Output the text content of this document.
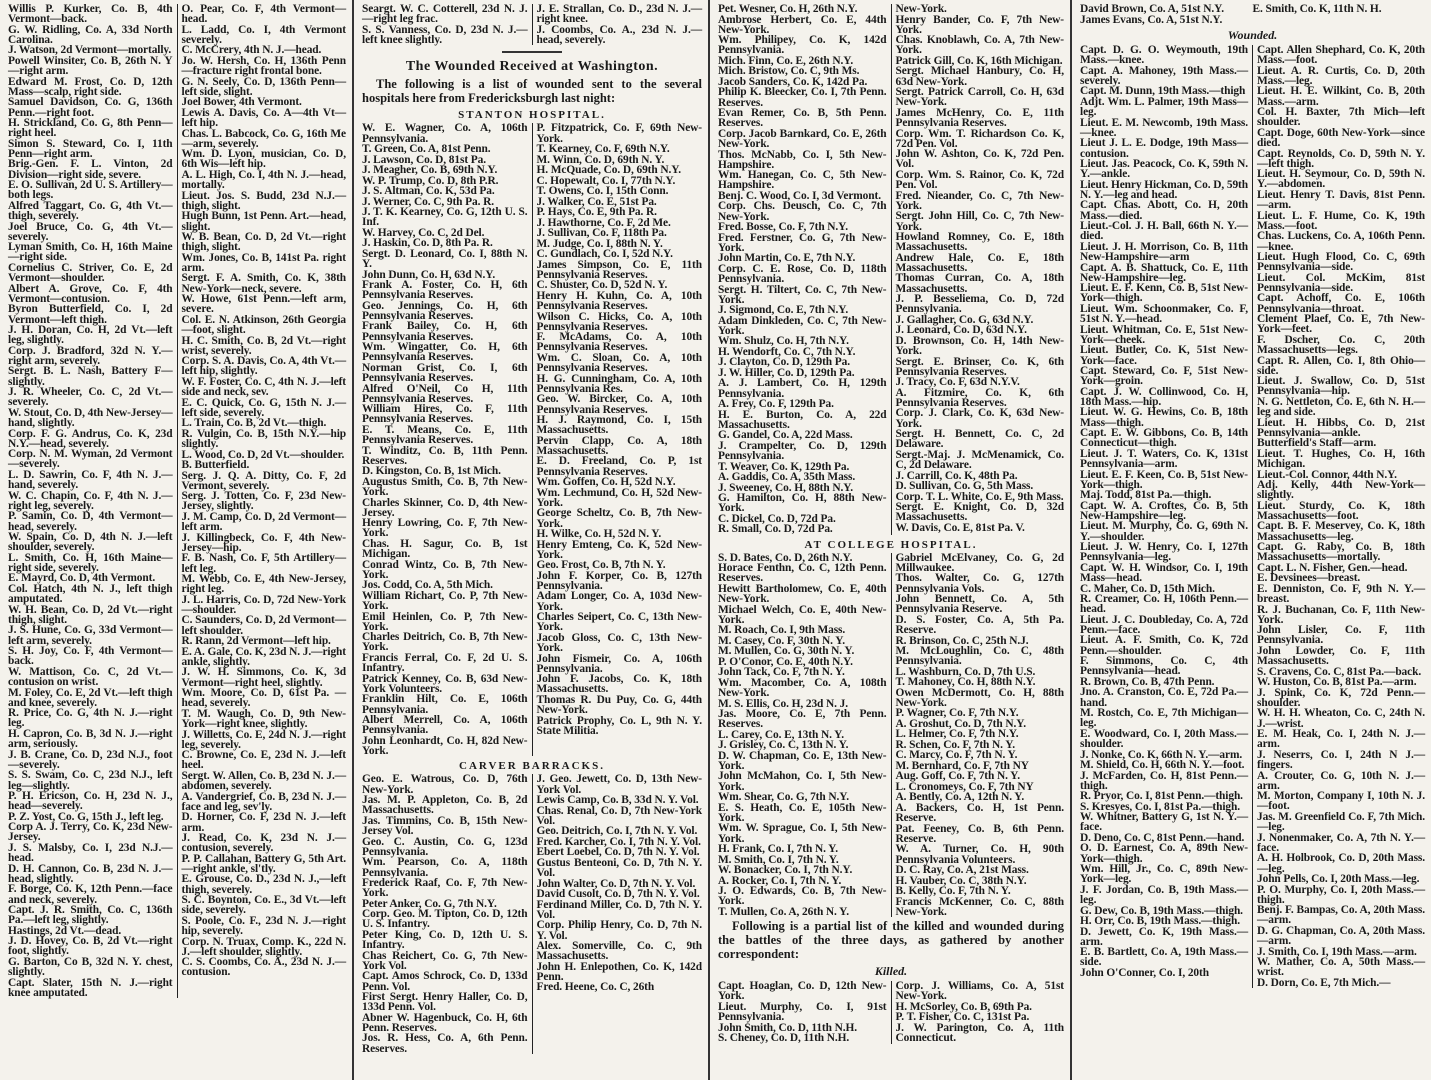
Willis P. Kurker, Co. B, 4th Vermont—back.
G. W. Ridling, Co. A, 33d North Carolina.
J. Watson, 2d Vermont—mortally.
Powell Winsiter, Co. B, 26th N. Y—right arm.
Edward M. Frost, Co. D, 12th Mass—scalp, right side.
Samuel Davidson, Co. G, 136th Penn.—right foot.
H. Strickland, Co. G, 8th Penn—right heel.
Simon S. Steward, Co. I, 11th Penn—right arm.
Brig.-Gen. F. L. Vinton, 2d Division—right side, severe.
E. O. Sullivan, 2d U. S. Artillery—both legs.
Alfred Taggart, Co. G, 4th Vt.—thigh, severely.
Joel Bruce, Co. G, 4th Vt.—severely.
Lyman Smith, Co. H, 16th Maine—right side.
Cornelius C. Striver, Co. E, 2d Vermont—shoulder.
Albert A. Grove, Co. F, 4th Vermont—contusion.
Byron Butterfield, Co. I, 2d Vermont—left thigh.
J. H. Doran, Co. H, 2d Vt.—left leg, slightly.
Corp. J. Bradford, 32d N. Y.—right arm, severely.
Sergt. B. L. Nash, Battery F—slightly.
J. R. Wheeler, Co. C, 2d Vt.—severely.
W. Stout, Co. D, 4th New-Jersey—hand, slightly.
Corp. F. G. Andrus, Co. K, 23d N.Y.—head, severely.
Corp. N. M. Wyman, 2d Vermont—severely.
L. D. Sawrin, Co. F, 4th N. J.—hand, severely.
W. C. Chapin, Co. F, 4th N. J.—right leg, severely.
P. Samin, Co. D, 4th Vermont—head, severely.
W. Spain, Co. D, 4th N. J.—left shoulder, severely.
L. Smith, Co. H, 16th Maine—right side, severely.
E. Mayrd, Co. D, 4th Vermont.
Col. Hatch, 4th N. J., left thigh amputated.
W. H. Bean, Co. D, 2d Vt.—right thigh, slight.
J. S. Hune, Co. G, 33d Vermont—left arm, severely.
S. H. Joy, Co. F, 4th Vermont—back.
W. Mattison, Co. C, 2d Vt.—contusion on wrist.
M. Foley, Co. E, 2d Vt.—left thigh and knee, severely.
R. Price, Co. G, 4th N. J.—right leg.
H. Capron, Co. B, 3d N. J.—right arm, seriously.
J. B. Crane, Co. D, 23d N.J., foot—severely.
S. S. Swam, Co. C, 23d N.J., left leg—slightly.
P. H. Ericson, Co. H, 23d N. J., head—severely.
P. Z. Yost, Co. G, 15th J., left leg.
Corp A. J. Terry, Co. K, 23d New-Jersey.
J. S. Malsby, Co. I, 23d N.J.—head.
D. H. Cannon, Co. B, 23d N. J.—head, slightly.
F. Borge, Co. K, 12th Penn.—face and neck, severely.
Capt. J. R. Smith, Co. C, 136th Pa.—left leg, slightly.
Hastings, 2d Vt.—dead.
J. D. Hovey, Co. B, 2d Vt.—right foot, slightly.
G. Barton, Co B, 32d N. Y. chest, slightly.
Capt. Slater, 15th N. J.—right knee amputated.
O. Pear, Co. F, 4th Vermont—head.
L. Ladd, Co. I, 4th Vermont severely.
C. McCrery, 4th N. J.—head.
Jo. W. Hersh, Co. H, 136th Penn—fracture right frontal bone.
G. N. Seely, Co. D, 136th Penn—left side, slight.
Joel Bower, 4th Vermont.
Lewis A. Davis, Co. A—4th Vt—left hip.
Chas. L. Babcock, Co. G, 16th Me—arm, severely.
Wm. D. Lyon, musician, Co. D, 6th Wis—left hip.
A. L. High, Co. I, 4th N. J.—head, mortally.
Lieut. Jos. S. Budd, 23d N.J.—thigh, slight.
Hugh Bunn, 1st Penn. Art.—head, slight.
W. B. Bean, Co. D, 2d Vt.—right thigh, slight.
Wm. Jones, Co. B, 141st Pa. right arm.
Sergt. F. A. Smith, Co. K, 38th New-York—neck, severe.
W. Howe, 61st Penn.—left arm, severe.
Col. E. N. Atkinson, 26th Georgia—foot, slight.
H. C. Smith, Co. B, 2d Vt.—right wrist, severely.
Corp. S. A. Davis, Co. A, 4th Vt.—left hip, slightly.
W. F. Foster, Co. C, 4th N. J.—left side and neck, sev.
E. C. Quick, Co. G, 15th N. J.—left side, severely.
L. Train, Co. B, 2d Vt.—thigh.
R. Vulgin, Co. B, 15th N.Y.—hip slightly.
L. Wood, Co. D, 2d Vt.—shoulder.
B. Butterfield.
Serg. J. Q. A. Ditty, Co. F, 2d Vermont, severely.
Serg. J. Totten, Co. F, 23d New-Jersey, slightly.
J. M. Camp, Co. D, 2d Vermont—left arm.
J. Killingbeck, Co. F, 4th New-Jersey—hip.
F. B. Nash, Co. F, 5th Artillery—left leg.
M. Webb, Co. E, 4th New-Jersey, right leg.
J. L. Harris, Co. D, 72d New-York—shoulder.
C. Saunders, Co. D, 2d Vermont—left shoulder.
R. Rann, 2d Vermont—left hip.
E. A. Gale, Co. K, 23d N. J.—right ankle, slightly.
J. W. H. Simmons, Co. K, 3d Vermont—right heel, slightly.
Wm. Moore, Co. D, 61st Pa. —head, severely.
T. M. Waugh, Co. D, 9th New-York—right knee, slightly.
J. Willetts, Co. E, 24d N. J.—right leg, severely.
C. Browne, Co. E, 23d N. J.—left heel.
Sergt. W. Allen, Co. B, 23d N. J.—abdomen, severely.
A. Vandergrief, Co. B, 23d N. J.—face and leg, sev'ly.
D. Horner, Co. F, 23d N. J.—left arm.
J. Read, Co. K, 23d N. J.—contusion, severely.
P. P. Callahan, Battery G, 5th Art.—right ankle, sl'tly.
E. Grouse, Co. D., 23d N. J.,—left thigh, severely.
S. C. Boynton, Co. E., 3d Vt.—left side, severely.
S. Poole, Co. F., 23d N. J.—right hip, severely.
Corp. N. Truax, Comp. K., 22d N. J.—left shoulder, slightly.
C. S. Coombs, Co. A., 23d N. J.—contusion.
Seargt. W. C. Cotterell, 23d N. J.—right leg frac.
S. S. Vanness, Co. D, 23d N. J.—left knee slightly.
J. E. Strallan, Co. D., 23d N. J.—right knee.
J. Coombs, Co. A., 23d N. J.—head, severely.
The Wounded Received at Washington.
The following is a list of wounded sent to the several hospitals here from Fredericksburgh last night:
STANTON HOSPITAL.
W. E. Wagner, Co. A, 106th Pennsylvania.
T. Green, Co. A, 81st Penn.
J. Lawson, Co. D, 81st Pa.
J. Meagher, Co. B, 69th N.Y.
W. P. Trump, Co. D, 8th P.R.
J. S. Altman, Co. K, 53d Pa.
J. Werner, Co. C, 9th Pa. R.
J. T. K. Kearney, Co. G, 12th U. S. Inf.
W. Harvey, Co. C, 2d Del.
J. Haskin, Co. D, 8th Pa. R.
Sergt. D. Leonard, Co. I, 88th N. Y.
John Dunn, Co. H, 63d N.Y.
Frank A. Foster, Co. H, 6th Pennsylvania Reserves.
Geo. Jennings, Co. H, 6th Pennsylvania Reserves.
Frank Bailey, Co. H, 6th Pennsylvania Reserves.
Wm. Wingatter, Co. H, 6th Pennsylvania Reserves.
Norman Grist, Co. I, 6th Pennsylvania Reserves.
Alfred O'Neil, Co H, 11th Pennsylvania Reserves.
William Hires, Co. F, 11th Pennsylvania Reserves.
E. T. Means, Co. E, 11th Pennsylvania Reserves.
T. Winditz, Co. B, 11th Penn. Reserves.
D. Kingston, Co. B, 1st Mich.
Augustus Smith, Co. B, 7th New-York.
Charles Skinner, Co. D, 4th New-Jersey.
Henry Lowring, Co. F, 7th New-York.
Chas. H. Sagur, Co. B, 1st Michigan.
Conrad Wintz, Co. B, 7th New-York.
Jos. Codd, Co. A, 5th Mich.
William Richart, Co. P, 7th New-York.
Emil Heinlen, Co. P, 7th New-York.
Charles Deitrich, Co. B, 7th New-York.
Francis Ferral, Co. F, 2d U. S. Infantry.
Patrick Kenney, Co. B, 63d New-York Volunteers.
Franklin Hilt, Co. E, 106th Pennsylvania.
Albert Merrell, Co. A, 106th Pennsylvania.
John Leonhardt, Co. H, 82d New-York.
P. Fitzpatrick, Co. F, 69th New-York.
T. Kearney, Co. F, 69th N.Y.
M. Winn, Co. D, 69th N. Y.
H. McQuade, Co. D, 69th N.Y.
C. Hopewalt, Co. I, 77th N.Y.
T. Owens, Co. I, 15th Conn.
J. Walker, Co. E, 51st Pa.
P. Hays, Co. E, 9th Pa. R.
J. Hawthorne, Co. F, 2d Me.
J. Sullivan, Co. F, 118th Pa.
M. Judge, Co. I, 88th N. Y.
C. Gundlach, Co. I, 52d N.Y.
James Simpson, Co. E, 11th Pennsylvania Reserves.
C. Shuster, Co. D, 52d N. Y.
Henry H. Kuhn, Co. A, 10th Pennsylvania Reserves.
Wilson C. Hicks, Co. A, 10th Pennsylvania Reserves.
F. McAdams, Co. A, 10th Pennsylvania Reserves.
Wm. C. Sloan, Co. A, 10th Pennsylvania Reserves.
H. G. Cunningham, Co. A, 10th Pennsylvania Res.
Geo. W. Bircker, Co. A, 10th Pennsylvania Reserves.
H. J. Raymond, Co. I, 15th Massachusetts.
Pervin Clapp, Co. A, 18th Massachusetts.
E. D. Freeland, Co. P, 1st Pennsylvania Reserves.
Wm. Goffen, Co. H, 52d N.Y.
Wm. Lechmund, Co. H, 52d New-York.
George Scheltz, Co. B, 7th New-York.
H. Wilke, Co. H, 52d N. Y.
Henry Emteng, Co. K, 52d New-York.
Geo. Frost, Co. B, 7th N. Y.
John F. Korper, Co. B, 127th Pennsylvania.
Adam Longer, Co. A, 103d New-York.
Charles Seipert, Co. C, 13th New-York.
Jacob Gloss, Co. C, 13th New-York.
John Fismeir, Co. A, 106th Pennsylvania.
John F. Jacobs, Co. K, 18th Massachusetts.
Thomas R. Du Puy, Co. G, 44th New-York.
Patrick Prophy, Co. L, 9th N. Y. State Militia.
CARVER BARRACKS.
Geo. E. Watrous, Co. D, 76th New-York.
Jas. M. P. Appleton, Co. B, 2d Massachusetts.
Jas. Timmins, Co. B, 15th New-Jersey Vol.
Geo. C. Austin, Co. G, 123d Pennsylvania.
Wm. Pearson, Co. A, 118th Pennsylvania.
Frederick Raaf, Co. F, 7th New-York.
Peter Anker, Co. G, 7th N.Y.
Corp. Geo. M. Tipton, Co. D, 12th U. S. Infantry.
Peter King, Co. D, 12th U. S. Infantry.
Chas Reichert, Co. G, 7th New-York Vol.
Capt. Amos Schrock, Co. D, 133d Penn. Vol.
First Sergt. Henry Haller, Co. D, 133d Penn. Vol.
Abner W. Hagenbuck, Co. H, 6th Penn. Reserves.
Jos. R. Hess, Co. A, 6th Penn. Reserves.
J. Geo. Jewett, Co. D, 13th New-York Vol.
Lewis Camp, Co. B, 33d N. Y. Vol.
Chas. Renal, Co. D, 7th New-York Vol.
Geo. Deitrich, Co. I, 7th N. Y. Vol.
Fred. Karcher, Co. I, 7th N. Y. Vol.
Ebert Loebel, Co. D, 7th N. Y. Vol.
Gustus Benteoni, Co. D, 7th N. Y. Vol.
John Walter, Co. D, 7th N. Y. Vol.
David Cusolt, Co. D, 7th N. Y. Vol.
Ferdinand Miller, Co. D, 7th N. Y. Vol.
Corp. Philip Henry, Co. D, 7th N. Y. Vol.
Alex. Somerville, Co. C, 9th Massachusetts.
John H. Enlepothen, Co. K, 142d Penn.
Fred. Heene, Co. C, 26th
Pet. Wesner, Co. H, 26th N.Y.
Ambrose Herbert, Co. E, 44th New-York.
Wm. Philipey, Co. K, 142d Pennsylvania.
Mich. Finn, Co. E, 26th N.Y.
Mich. Bristow, Co. C, 9th Ms.
Jacob Sanders, Co. K, 142d Pa.
Philip K. Bleecker, Co. I, 7th Penn. Reserves.
Evan Remer, Co. B, 5th Penn. Reserves.
Corp. Jacob Barnkard, Co. E, 26th New-York.
Thos. McNabb, Co. I, 5th New-Hampshire.
Wm. Hanegan, Co. C, 5th New-Hampshire.
Benj. C. Wood, Co. I, 3d Vermont.
Corp. Chs. Deusch, Co. C, 7th New-York.
Fred. Bosse, Co. F, 7th N.Y.
Fred. Ferstner, Co. G, 7th New-York.
John Martin, Co. E, 7th N.Y.
Corp. C. E. Rose, Co. D, 118th Pennsylvania.
Sergt. H. Tiltert, Co. C, 7th New-York.
J. Sigmond, Co. E, 7th N.Y.
Adam Dinkleden, Co. C, 7th New-York.
Wm. Shulz, Co. H, 7th N.Y.
H. Wendorft, Co. C, 7th N.Y.
J. Clayton, Co. D, 129th Pa.
J. W. Hiller, Co. D, 129th Pa.
A. J. Lambert, Co. H, 129th Pennsylvania.
A. Frey, Co. F, 129th Pa.
H. E. Burton, Co. A, 22d Massachusetts.
G. Gandel, Co. A, 22d Mass.
J. Crampelter, Co. D, 129th Pennsylvania.
T. Weaver, Co. K, 129th Pa.
A. Gaddis, Co. A, 35th Mass.
J. Sweeney, Co. H, 88th N.Y.
G. Hamilton, Co. H, 88th New-York.
C. Dickel, Co. D, 72d Pa.
R. Small, Co. D, 72d Pa.
New-York.
Henry Bander, Co. F, 7th New-York.
Chas. Knoblawh, Co. A, 7th New-York.
Patrick Gill, Co. K, 16th Michigan.
Sergt. Michael Hanbury, Co. H, 63d New-York.
Sergt. Patrick Carroll, Co. H, 63d New-York.
James McHenry, Co. E, 11th Pennsylvania Reserves.
Corp. Wm. T. Richardson Co. K, 72d Pen. Vol.
John W. Ashton, Co. K, 72d Pen. Vol.
Corp. Wm. S. Rainor, Co. K, 72d Pen. Vol.
Fred. Nieander, Co. C, 7th New-York.
Sergt. John Hill, Co. C, 7th New-York.
Howland Romney, Co. E, 18th Massachusetts.
Andrew Hale, Co. E, 18th Massachusetts.
Thomas Curran, Co. A, 18th Massachusetts.
J. P. Besseliema, Co. D, 72d Pennsylvania.
J. Gallagher, Co. G, 63d N.Y.
J. Leonard, Co. D, 63d N.Y.
D. Brownson, Co. H, 14th New-York.
Sergt. E. Brinser, Co. K, 6th Pennsylvania Reserves.
J. Tracy, Co. F, 63d N.Y.V.
A. Fitzmire, Co. K, 6th Pennsylvania Reserves.
Corp. J. Clark, Co. K, 63d New-York.
Sergt. H. Bennett, Co. C, 2d Delaware.
Sergt.-Maj. J. McMenamick, Co. C, 2d Delaware.
J. Carrill, Co. K, 48th Pa.
D. Sullivan, Co. G, 5th Mass.
Corp. T. L. White, Co. E, 9th Mass.
Sergt. E. Knight, Co. D, 32d Massachusetts.
W. Davis, Co. E, 81st Pa. V.
AT COLLEGE HOSPITAL.
S. D. Bates, Co. D, 26th N.Y.
Horace Fenthn, Co. C, 12th Penn. Reserves.
Hewitt Bartholomew, Co. E, 40th New-York.
Michael Welch, Co. E, 40th New-York.
M. Roach, Co. I, 9th Mass.
M. Casey, Co. F, 30th N. Y.
M. Mullen, Co. G, 30th N. Y.
P. O'Conor, Co. E, 40th N.Y.
John Tack, Co. F, 7th N. Y.
Wm. Macomber, Co. A, 108th New-York.
M. S. Ellis, Co. H, 23d N. J.
Jas. Moore, Co. E, 7th Penn. Reserves.
L. Carey, Co. E, 13th N. Y.
J. Grisley, Co. C, 13th N. Y.
D. W. Chapman, Co. E, 13th New-York.
John McMahon, Co. I, 5th New-York.
Wm. Shear, Co. G, 7th N.Y.
E. S. Heath, Co. E, 105th New-York.
Wm. W. Sprague, Co. I, 5th New-York.
H. Frank, Co. I, 7th N. Y.
M. Smith, Co. I, 7th N. Y.
W. Bonacker, Co. I, 7th N.Y.
A. Rocker, Co. I, 7th N. Y.
J. O. Edwards, Co. B, 7th New-York.
T. Mullen, Co. A, 26th N. Y.
Gabriel McElvaney, Co. G, 2d Millwaukee.
Thos. Walter, Co. G, 127th Pennsylvania Vols.
John Bennett, Co. A, 5th Pennsylvania Reserve.
D. S. Foster, Co. A, 5th Pa. Reserve.
R. Brinson, Co. C, 25th N.J.
M. McLoughlin, Co. C, 48th Pennsylvania.
L. Washburn, Co. D, 7th U.S.
T. Mahoney, Co. H, 88th N.Y.
Owen McDermott, Co. H, 88th New-York.
P. Wagner, Co. F, 7th N.Y.
A. Groshut, Co. D, 7th N.Y.
L. Helmer, Co. F, 7th N.Y.
R. Schen, Co. F, 7th N. Y.
C. Marcy, Co. F, 7th N. Y.
M. Bernhard, Co. F, 7th NY
Aug. Goff, Co. F, 7th N. Y.
L. Cronomeys, Co. F, 7th NY
A. Bently, Co. A, 12th N. Y.
A. Backers, Co. H, 1st Penn. Reserve.
Pat. Feeney, Co. B, 6th Penn. Reserve.
W. A. Turner, Co. H, 90th Pennsylvania Volunteers.
D. C. Ray, Co. A, 21st Mass.
H. Vauber, Co. C, 38th N.Y.
B. Kelly, Co. F, 7th N. Y.
Francis McKenner, Co. C, 88th New-York.
Following is a partial list of the killed and wounded during the battles of the three days, as gathered by another correspondent:
Killed.
Capt. Hoaglan, Co. D, 12th New-York.
Lieut. Murphy, Co. I, 91st Pennsylvania.
John Smith, Co. D, 11th N.H.
S. Cheney, Co. D, 11th N.H.
Corp. J. Williams, Co. A, 51st New-York.
H. McSorley, Co. B, 69th Pa.
P. T. Fisher, Co. C, 131st Pa.
J. W. Parington, Co. A, 11th Connecticut.
David Brown, Co. A, 51st N.Y.
James Evans, Co. A, 51st N.Y.
E. Smith, Co. K, 11th N. H.
Wounded.
Capt. D. G. O. Weymouth, 19th Mass.—knee.
Capt. A. Mahoney, 19th Mass.—severely.
Capt. M. Dunn, 19th Mass.—thigh
Adjt. Wm. L. Palmer, 19th Mass—leg.
Lieut. E. M. Newcomb, 19th Mass.—knee.
Lieut J. L. E. Dodge, 19th Mass—contusion.
Lieut. Jas. Peacock, Co. K, 59th N. Y.—ankle.
Lieut. Henry Hickman, Co. D, 59th N. Y.—leg and head.
Capt. Chas. Abott, Co. H, 20th Mass.—died.
Lieut.-Col. J. H. Ball, 66th N. Y.—died.
Lieut. J. H. Morrison, Co. B, 11th New-Hampshire—arm
Capt. A. B. Shattuck, Co. E, 11th New-Hampshire—leg.
Lieut. E. F. Kenn, Co. B, 51st New-York—thigh.
Lieut. Wm. Schoonmaker, Co. F, 51st N. Y.—head.
Lieut. Whitman, Co. E, 51st New-York—cheek.
Lieut. Butler, Co. K, 51st New-York—face.
Capt. Steward, Co. F, 51st New-York—groin.
Capt. J. W. Collinwood, Co. H, 18th Mass.—hip.
Lieut. W. G. Hewins, Co. B, 18th Mass—thigh.
Capt. E. W. Gibbons, Co. B, 14th Connecticut—thigh.
Lieut. J. T. Waters, Co. K, 131st Pennsylvania—arm.
Lieut. E. F. Keen, Co. B, 51st New-York—thigh.
Maj. Todd, 81st Pa.—thigh.
Capt. W. A. Croftes, Co. B, 5th New-Hampshire—leg.
Lieut. M. Murphy, Co. G, 69th N. Y.—shoulder.
Lieut. J. W. Henry, Co. I, 127th Pennsylvania—leg.
Capt. W. H. Windsor, Co. I, 19th Mass—head.
C. Maher, Co. D, 15th Mich.
R. Creamer, Co. H, 106th Penn.—head.
Lieut. J. C. Doubleday, Co. A, 72d Penn.—face.
Lieut. A. F. Smith, Co. K, 72d Penn.—shoulder.
F. Simmons, Co. C, 4th Pennsylvania—head.
R. Brown, Co. B, 47th Penn.
Jno. A. Cranston, Co. E, 72d Pa.—hand.
M. Rostch, Co. E, 7th Michigan—leg.
E. Woodward, Co. I, 20th Mass.—shoulder.
J. Nonke, Co. K, 66th N. Y.—arm.
M. Shield, Co. H, 66th N. Y.—foot.
J. McFarden, Co. H, 81st Penn.—thigh.
R. Pryor, Co. I, 81st Penn.—thigh.
S. Kresyes, Co. I, 81st Pa.—thigh.
W. Whitner, Battery G, 1st N. Y.—face.
D. Deno, Co. C, 81st Penn.—hand.
O. D. Earnest, Co. A, 89th New-York—thigh.
Wm. Hill, Jr., Co. C, 89th New-York—leg.
J. F. Jordan, Co. B, 19th Mass.—leg.
G. Dew, Co. B, 19th Mass.—thigh.
H. Orr, Co. B, 19th Mass.—thigh.
D. Jewett, Co. K, 19th Mass.—arm.
E. B. Bartlett, Co. A, 19th Mass.—side.
John O'Conner, Co. I, 20th
Capt. Allen Shephard, Co. K, 20th Mass.—foot.
Lieut. A. R. Curtis, Co. D, 20th Mass.—leg.
Lieut. H. E. Wilkint, Co. B, 20th Mass.—arm.
Col. H. Baxter, 7th Mich—left shoulder.
Capt. Doge, 60th New-York—since died.
Capt. Reynolds, Co. D, 59th N. Y.—left thigh.
Lieut. H. Seymour, Co. D, 59th N. Y.—abdomen.
Lieut. Henry T. Davis, 81st Penn.—arm.
Lieut. L. F. Hume, Co. K, 19th Mass.—foot.
Chas. Luckens, Co. A, 106th Penn.—knee.
Lieut. Hugh Flood, Co. C, 69th Pennsylvania—side.
Lieut. Col. McKim, 81st Pennsylvania—side.
Capt. Achoff, Co. E, 106th Pennsylvania—throat.
Clement Plaef, Co. E, 7th New-York—feet.
F. Dscher, Co. C, 20th Massachusetts—legs.
Capt. R. Allen, Co. I, 8th Ohio—side.
Lieut. J. Swallow, Co. D, 51st Pennsylvania—hip.
N. G. Nettleton, Co. E, 6th N. H.—leg and side.
Lieut. H. Hibbs, Co. D, 21st Pennsylvania—ankle.
Butterfield's Staff—arm.
Lieut. T. Hughes, Co. H, 16th Michigan.
Lieut.-Col. Connor, 44th N.Y.
Adj. Kelly, 44th New-York—slightly.
Lieut. Sturdy, Co. K, 18th Massachusetts—foot.
Capt. B. F. Meservey, Co. K, 18th Massachusetts—leg.
Capt. G. Raby, Co. B, 18th Massachusetts—mortally.
Capt. L. N. Fisher, Gen.—head.
E. Devsinees—breast.
E. Denniston, Co. F, 9th N. Y.—breast.
R. J. Buchanan, Co. F, 11th New-York.
John Lisler, Co. F, 11th Pennsylvania.
John Lowder, Co. F, 11th Massachusetts.
S. Cravens, Co. C, 81st Pa.—back.
W. Huston, Co. B, 81st Pa.—arm.
J. Spink, Co. K, 72d Penn.—shoulder.
W. H. H. Wheaton, Co. C, 24th N. J.—wrist.
E. M. Heak, Co. I, 24th N. J.—arm.
J. Neserrs, Co. I, 24th N J.—fingers.
A. Crouter, Co. G, 10th N. J.—arm.
M. Morton, Company I, 10th N. J.—foot.
Jas. M. Greenfield Co. F, 7th Mich.—leg.
J. Nonenmaker, Co. A, 7th N. Y.—face.
A. H. Holbrook, Co. D, 20th Mass.—leg.
John Pells, Co. I, 20th Mass.—leg.
P. O. Murphy, Co. I, 20th Mass.—thigh.
Benj. F. Bampas, Co. A, 20th Mass.—arm.
D. G. Chapman, Co. A, 20th Mass.—arm.
J. Smith, Co. I, 19th Mass.—arm.
W. Mather, Co. A, 50th Mass.—wrist.
D. Dorn, Co. E, 7th Mich.—
